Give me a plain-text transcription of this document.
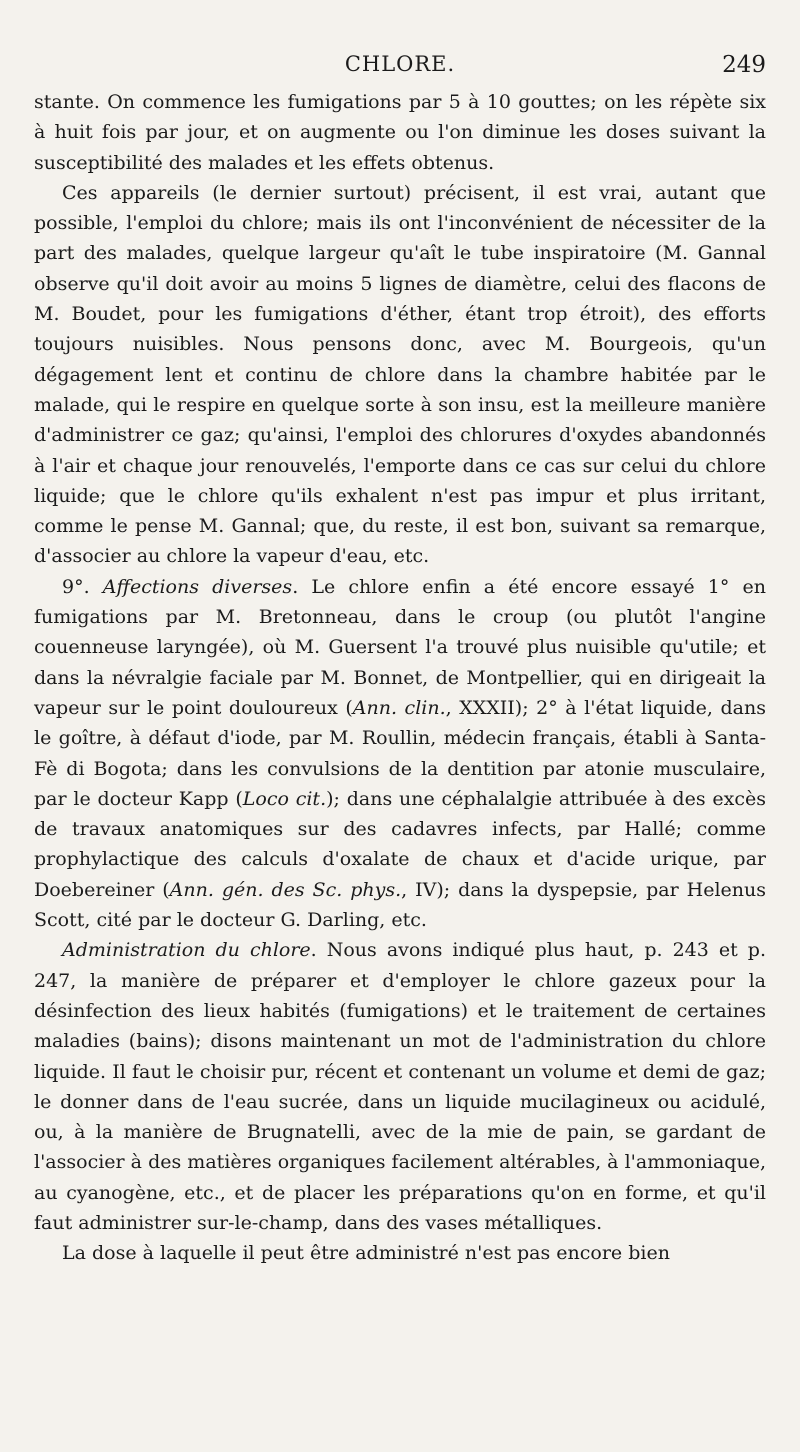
CHLORE.	249

stante. On commence les fumigations par 5 à 10 gouttes; on les répète six à huit fois par jour, et on augmente ou l'on diminue les doses suivant la susceptibilité des malades et les effets obtenus.

Ces appareils (le dernier surtout) précisent, il est vrai, autant que possible, l'emploi du chlore; mais ils ont l'inconvénient de nécessiter de la part des malades, quelque largeur qu'aît le tube inspiratoire (M. Gannal observe qu'il doit avoir au moins 5 lignes de diamètre, celui des flacons de M. Boudet, pour les fumigations d'éther, étant trop étroit), des efforts toujours nuisibles. Nous pensons donc, avec M. Bourgeois, qu'un dégagement lent et continu de chlore dans la chambre habitée par le malade, qui le respire en quelque sorte à son insu, est la meilleure manière d'administrer ce gaz; qu'ainsi, l'emploi des chlorures d'oxydes abandonnés à l'air et chaque jour renouvelés, l'emporte dans ce cas sur celui du chlore liquide; que le chlore qu'ils exhalent n'est pas impur et plus irritant, comme le pense M. Gannal; que, du reste, il est bon, suivant sa remarque, d'associer au chlore la vapeur d'eau, etc.

9°. Affections diverses. Le chlore enfin a été encore essayé 1° en fumigations par M. Bretonneau, dans le croup (ou plutôt l'angine couenneuse laryngée), où M. Guersent l'a trouvé plus nuisible qu'utile; et dans la névralgie faciale par M. Bonnet, de Montpellier, qui en dirigeait la vapeur sur le point douloureux (Ann. clin., XXXII); 2° à l'état liquide, dans le goître, à défaut d'iode, par M. Roullin, médecin français, établi à Santa-Fè di Bogota; dans les convulsions de la dentition par atonie musculaire, par le docteur Kapp (Loco cit.); dans une céphalalgie attribuée à des excès de travaux anatomiques sur des cadavres infects, par Hallé; comme prophylactique des calculs d'oxalate de chaux et d'acide urique, par Doebereiner (Ann. gén. des Sc. phys., IV); dans la dyspepsie, par Helenus Scott, cité par le docteur G. Darling, etc.

Administration du chlore. Nous avons indiqué plus haut, p. 243 et p. 247, la manière de préparer et d'employer le chlore gazeux pour la désinfection des lieux habités (fumigations) et le traitement de certaines maladies (bains); disons maintenant un mot de l'administration du chlore liquide. Il faut le choisir pur, récent et contenant un volume et demi de gaz; le donner dans de l'eau sucrée, dans un liquide mucilagineux ou acidulé, ou, à la manière de Brugnatelli, avec de la mie de pain, se gardant de l'associer à des matières organiques facilement altérables, à l'ammoniaque, au cyanogène, etc., et de placer les préparations qu'on en forme, et qu'il faut administrer sur-le-champ, dans des vases métalliques.

La dose à laquelle il peut être administré n'est pas encore bien
